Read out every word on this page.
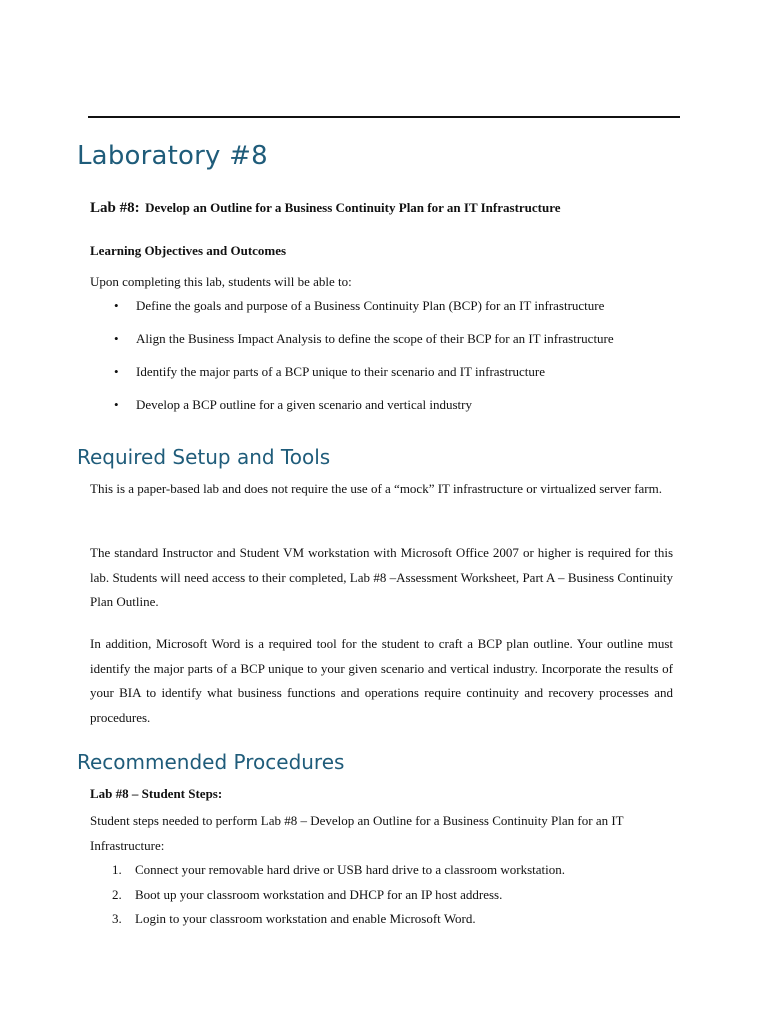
Laboratory #8

Lab #8: Develop an Outline for a Business Continuity Plan for an IT Infrastructure

Learning Objectives and Outcomes

Upon completing this lab, students will be able to:

• Define the goals and purpose of a Business Continuity Plan (BCP) for an IT infrastructure
• Align the Business Impact Analysis to define the scope of their BCP for an IT infrastructure
• Identify the major parts of a BCP unique to their scenario and IT infrastructure
• Develop a BCP outline for a given scenario and vertical industry
Required Setup and Tools

This is a paper-based lab and does not require the use of a “mock” IT infrastructure or virtualized server farm.

The standard Instructor and Student VM workstation with Microsoft Office 2007 or higher is required for this lab. Students will need access to their completed, Lab #8 –Assessment Worksheet, Part A – Business Continuity Plan Outline.

In addition, Microsoft Word is a required tool for the student to craft a BCP plan outline. Your outline must identify the major parts of a BCP unique to your given scenario and vertical industry. Incorporate the results of your BIA to identify what business functions and operations require continuity and recovery processes and procedures.

Recommended Procedures

Lab #8 – Student Steps:

Student steps needed to perform Lab #8 – Develop an Outline for a Business Continuity Plan for an IT Infrastructure:

1. Connect your removable hard drive or USB hard drive to a classroom workstation.
2. Boot up your classroom workstation and DHCP for an IP host address.
3. Login to your classroom workstation and enable Microsoft Word.
